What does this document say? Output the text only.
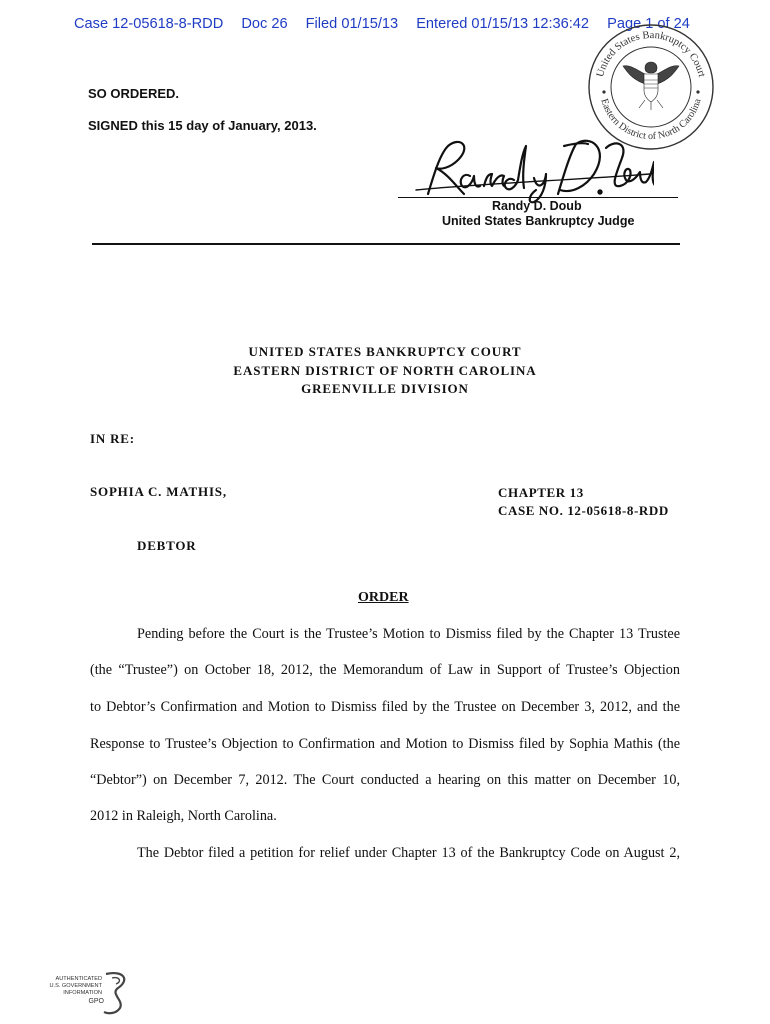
Case 12-05618-8-RDD Doc 26 Filed 01/15/13 Entered 01/15/13 12:36:42 Page 1 of 24
United States Bankruptcy Court
Eastern District of North Carolina
SO ORDERED.
SIGNED this 15 day of January, 2013.
Randy D. Doub
United States Bankruptcy Judge
UNITED STATES BANKRUPTCY COURT
EASTERN DISTRICT OF NORTH CAROLINA
GREENVILLE DIVISION
IN RE:
SOPHIA C. MATHIS,	CHAPTER 13
CASE NO. 12-05618-8-RDD
DEBTOR
ORDER
Pending before the Court is the Trustee’s Motion to Dismiss filed by the Chapter 13 Trustee
(the “Trustee”) on October 18, 2012, the Memorandum of Law in Support of Trustee’s Objection
to Debtor’s Confirmation and Motion to Dismiss filed by the Trustee on December 3, 2012, and the
Response to Trustee’s Objection to Confirmation and Motion to Dismiss filed by Sophia Mathis (the
“Debtor”) on December 7, 2012. The Court conducted a hearing on this matter on December 10,
2012 in Raleigh, North Carolina.
The Debtor filed a petition for relief under Chapter 13 of the Bankruptcy Code on August 2,
AUTHENTICATED
U.S. GOVERNMENT
INFORMATION
GPO
